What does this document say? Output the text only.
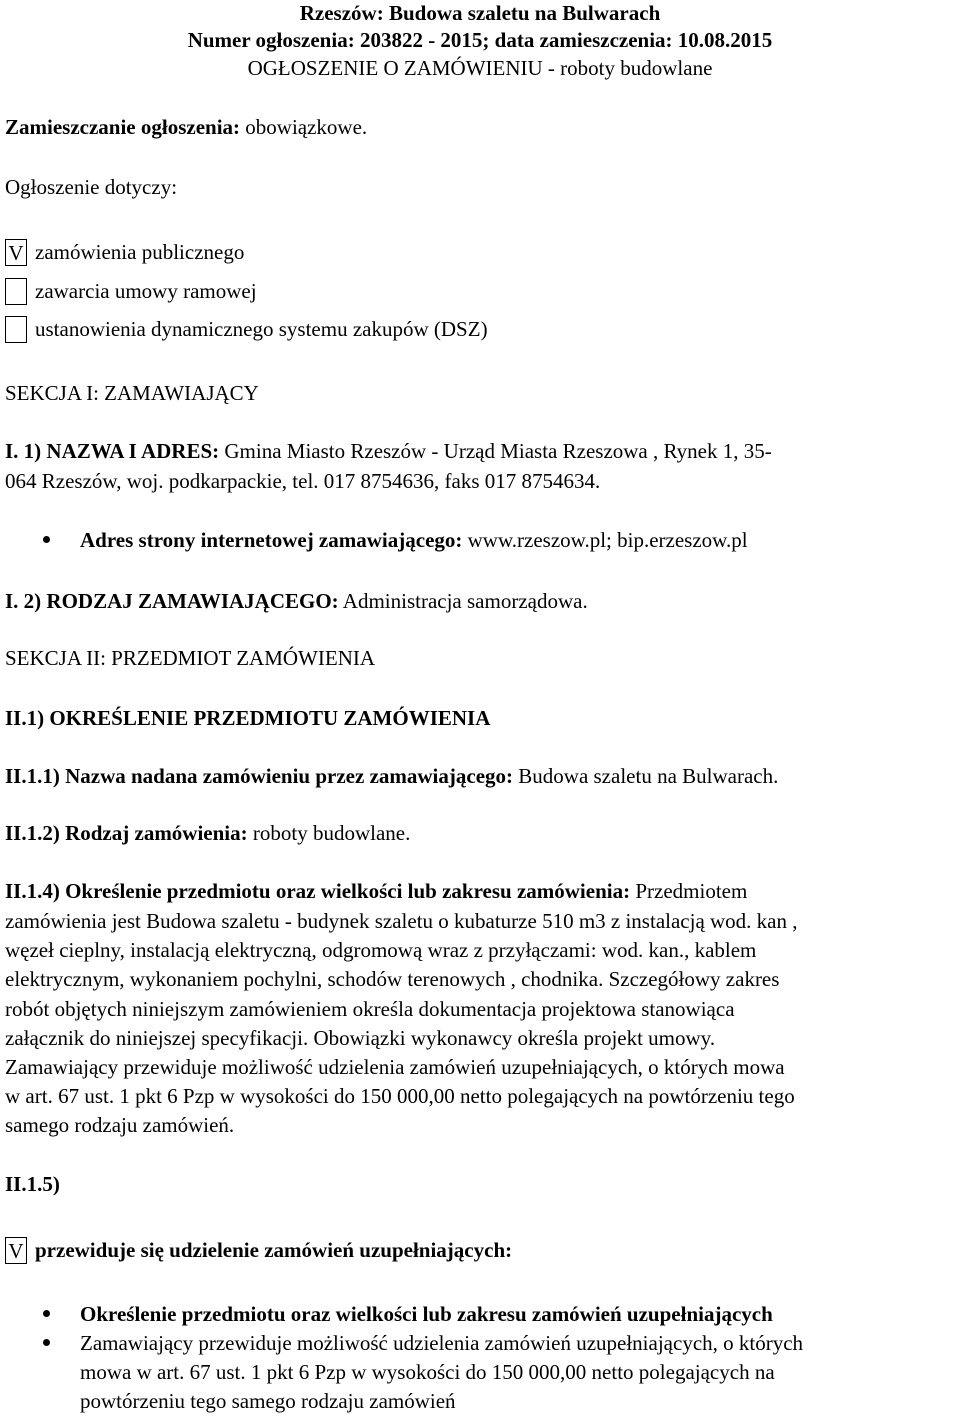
Rzeszów: Budowa szaletu na Bulwarach
Numer ogłoszenia: 203822 - 2015; data zamieszczenia: 10.08.2015
OGŁOSZENIE O ZAMÓWIENIU - roboty budowlane
Zamieszczanie ogłoszenia: obowiązkowe.
Ogłoszenie dotyczy:
V zamówienia publicznego
zawarcia umowy ramowej
ustanowienia dynamicznego systemu zakupów (DSZ)
SEKCJA I: ZAMAWIAJĄCY
I. 1) NAZWA I ADRES: Gmina Miasto Rzeszów - Urząd Miasta Rzeszowa , Rynek 1, 35-
064 Rzeszów, woj. podkarpackie, tel. 017 8754636, faks 017 8754634.
Adres strony internetowej zamawiającego: www.rzeszow.pl; bip.erzeszow.pl
I. 2) RODZAJ ZAMAWIAJĄCEGO: Administracja samorządowa.
SEKCJA II: PRZEDMIOT ZAMÓWIENIA
II.1) OKREŚLENIE PRZEDMIOTU ZAMÓWIENIA
II.1.1) Nazwa nadana zamówieniu przez zamawiającego: Budowa szaletu na Bulwarach.
II.1.2) Rodzaj zamówienia: roboty budowlane.
II.1.4) Określenie przedmiotu oraz wielkości lub zakresu zamówienia: Przedmiotem
zamówienia jest Budowa szaletu - budynek szaletu o kubaturze 510 m3 z instalacją wod. kan ,
węzeł cieplny, instalacją elektryczną, odgromową wraz z przyłączami: wod. kan., kablem
elektrycznym, wykonaniem pochylni, schodów terenowych , chodnika. Szczegółowy zakres
robót objętych niniejszym zamówieniem określa dokumentacja projektowa stanowiąca
załącznik do niniejszej specyfikacji. Obowiązki wykonawcy określa projekt umowy.
Zamawiający przewiduje możliwość udzielenia zamówień uzupełniających, o których mowa
w art. 67 ust. 1 pkt 6 Pzp w wysokości do 150 000,00 netto polegających na powtórzeniu tego
samego rodzaju zamówień.
II.1.5)
V przewiduje się udzielenie zamówień uzupełniających:
Określenie przedmiotu oraz wielkości lub zakresu zamówień uzupełniających
Zamawiający przewiduje możliwość udzielenia zamówień uzupełniających, o których
mowa w art. 67 ust. 1 pkt 6 Pzp w wysokości do 150 000,00 netto polegających na
powtórzeniu tego samego rodzaju zamówień
